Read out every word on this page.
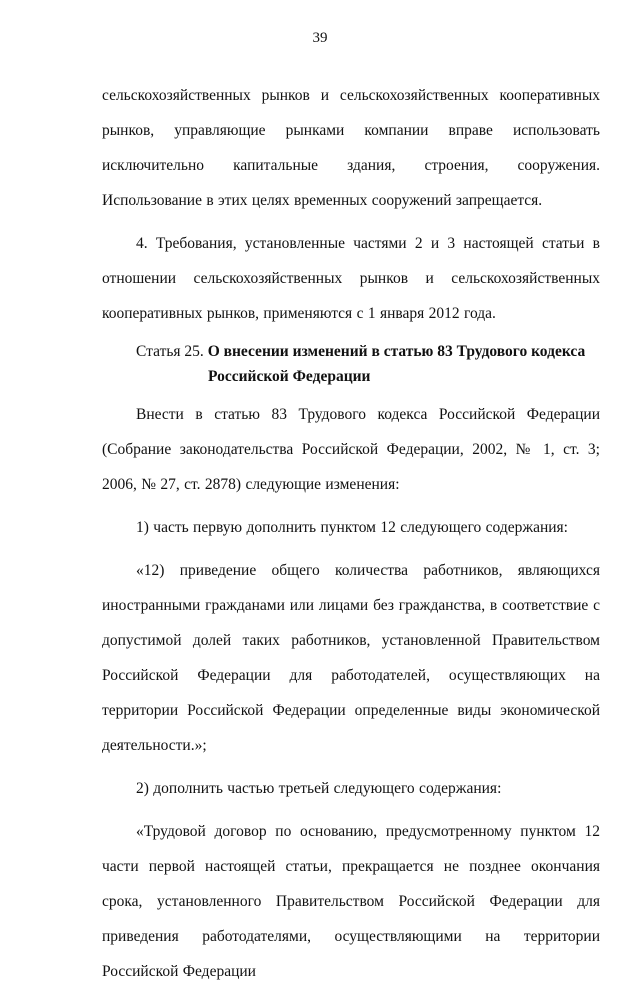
39

сельскохозяйственных рынков и сельскохозяйственных кооперативных рынков, управляющие рынками компании вправе использовать исключительно капитальные здания, строения, сооружения. Использование в этих целях временных сооружений запрещается.

4. Требования, установленные частями 2 и 3 настоящей статьи в отношении сельскохозяйственных рынков и сельскохозяйственных кооперативных рынков, применяются с 1 января 2012 года.

Статья 25. О внесении изменений в статью 83 Трудового кодекса
Российской Федерации

Внести в статью 83 Трудового кодекса Российской Федерации (Собрание законодательства Российской Федерации, 2002, № 1, ст. 3; 2006, № 27, ст. 2878) следующие изменения:

1) часть первую дополнить пунктом 12 следующего содержания:

«12) приведение общего количества работников, являющихся иностранными гражданами или лицами без гражданства, в соответствие с допустимой долей таких работников, установленной Правительством Российской Федерации для работодателей, осуществляющих на территории Российской Федерации определенные виды экономической деятельности.»;

2) дополнить частью третьей следующего содержания:

«Трудовой договор по основанию, предусмотренному пунктом 12 части первой настоящей статьи, прекращается не позднее окончания срока, установленного Правительством Российской Федерации для приведения работодателями, осуществляющими на территории Российской Федерации
